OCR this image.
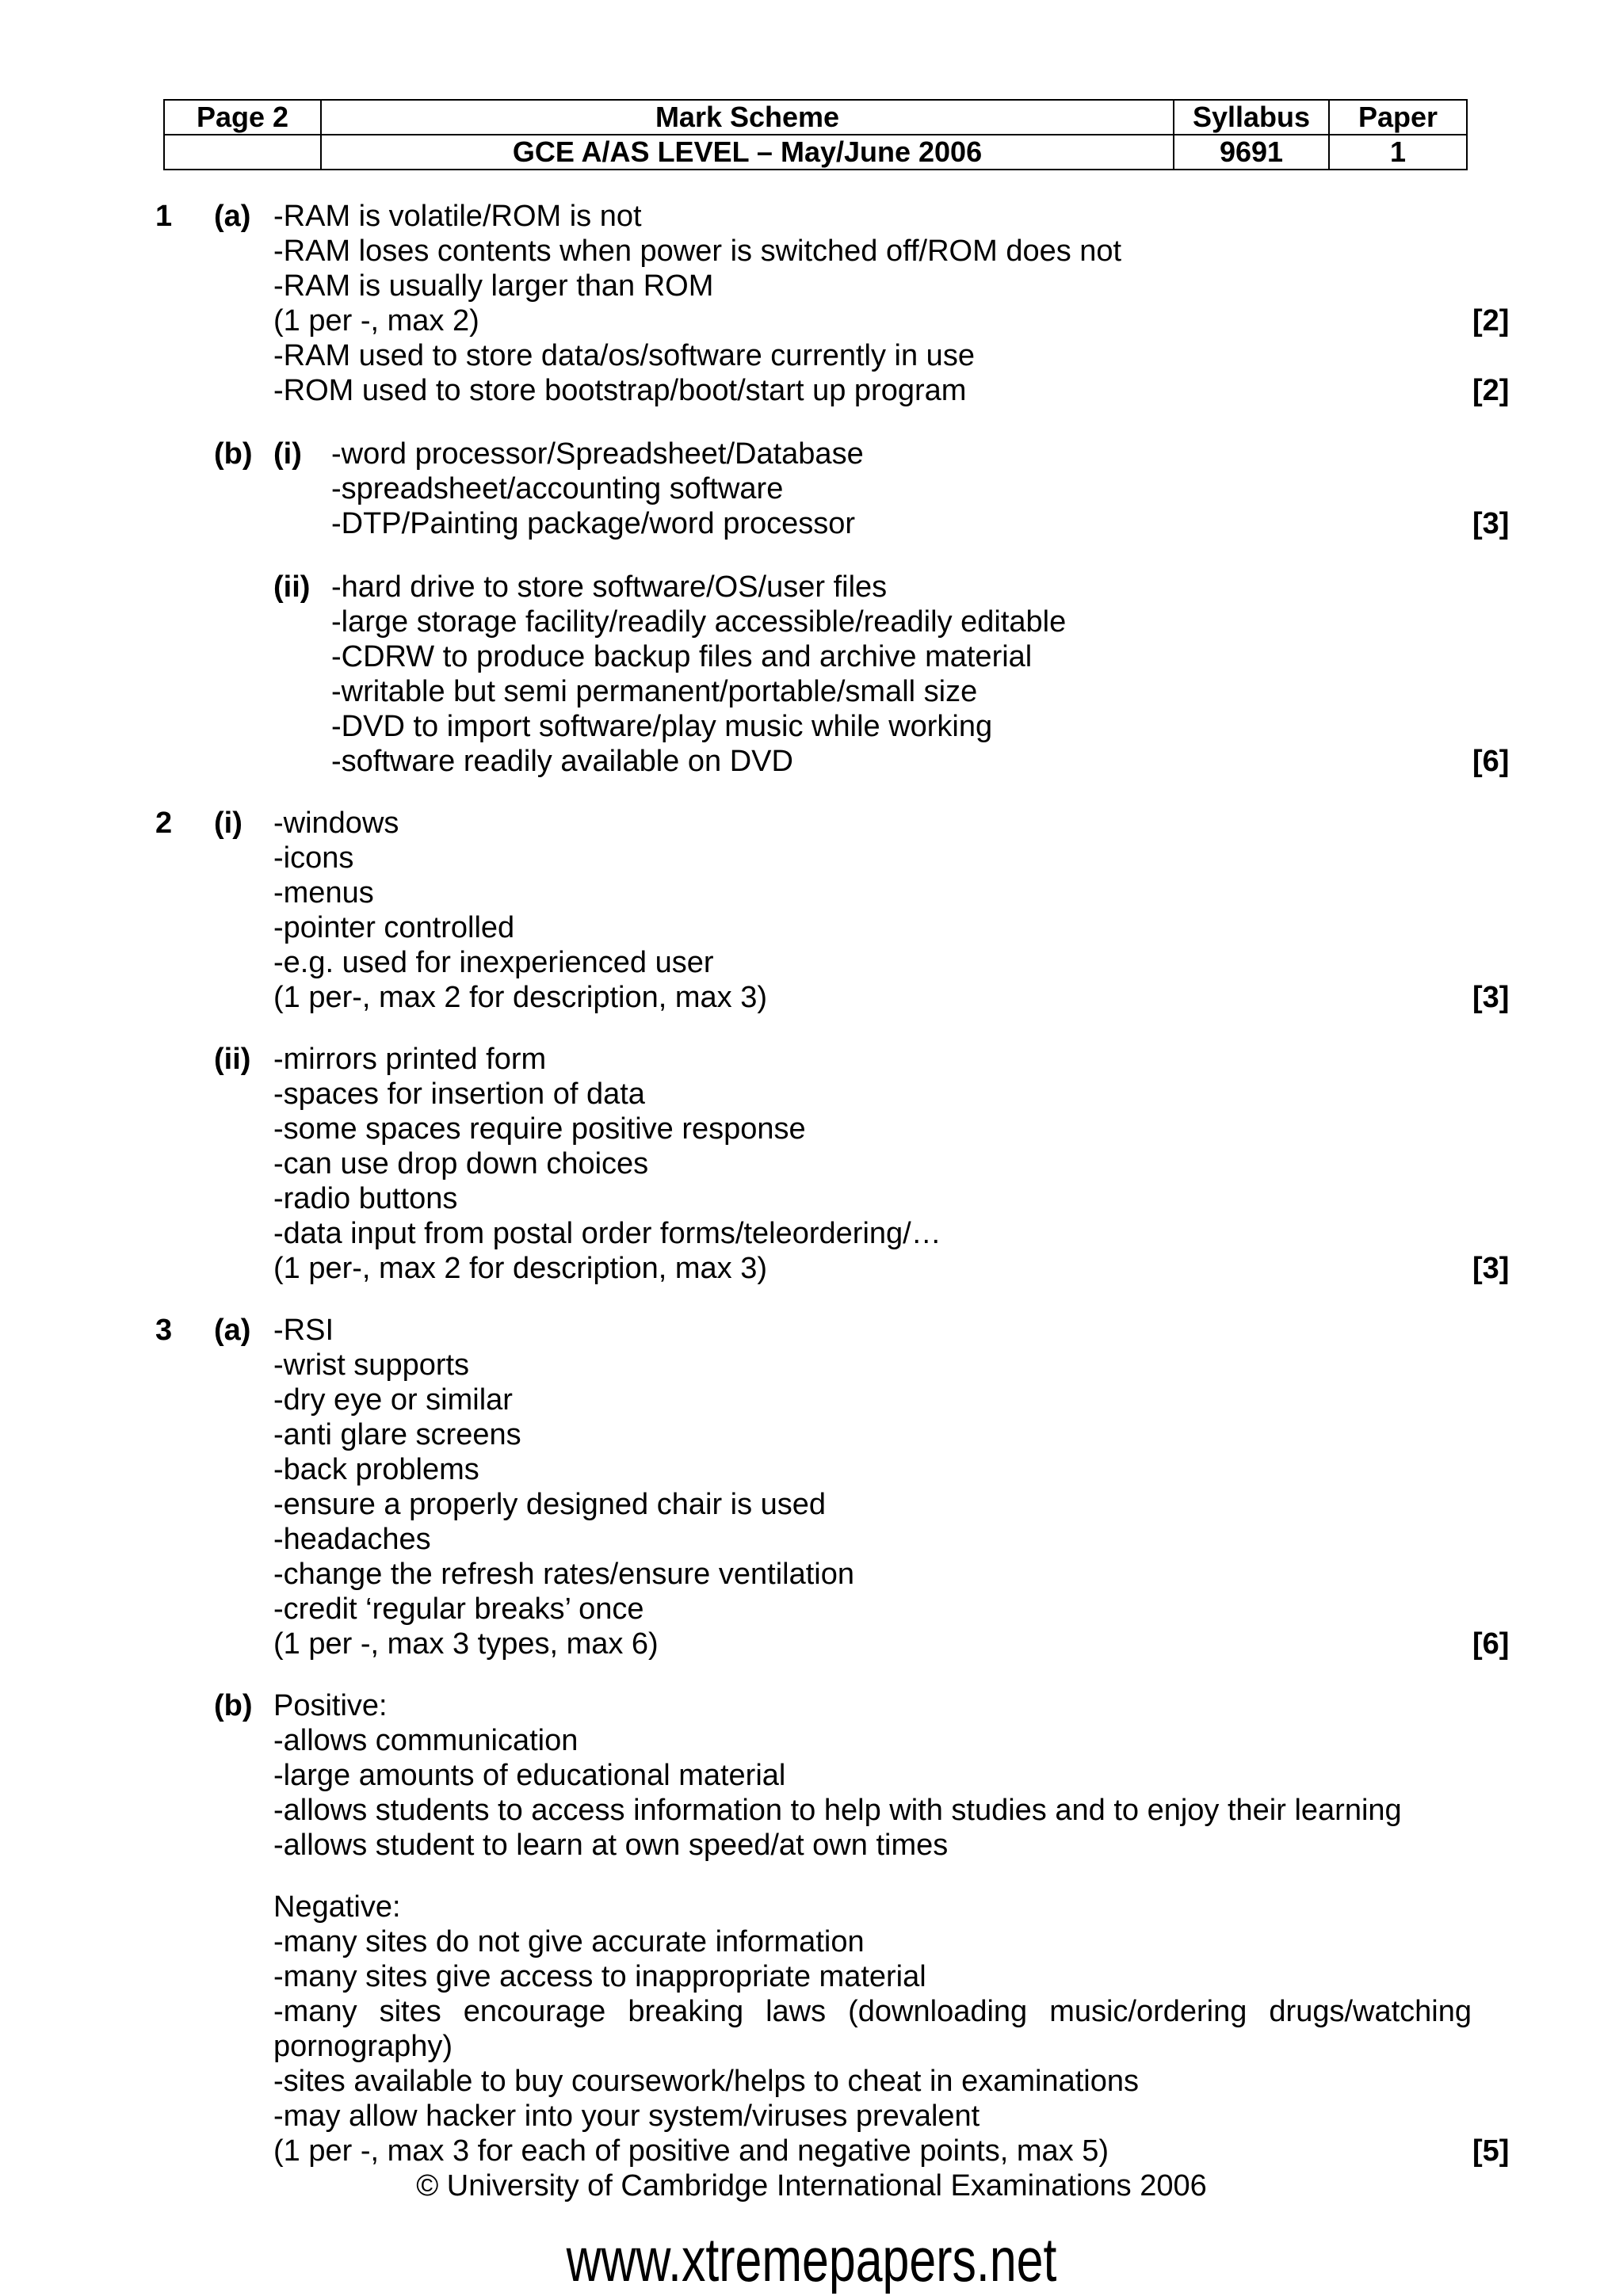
Page 2	Mark Scheme	Syllabus	Paper
	GCE A/AS LEVEL – May/June 2006	9691	1
1 (a) -RAM is volatile/ROM is not
-RAM loses contents when power is switched off/ROM does not
-RAM is usually larger than ROM
(1 per -, max 2)	[2]
-RAM used to store data/os/software currently in use
-ROM used to store bootstrap/boot/start up program	[2]
(b) (i) -word processor/Spreadsheet/Database
-spreadsheet/accounting software
-DTP/Painting package/word processor	[3]
(ii) -hard drive to store software/OS/user files
-large storage facility/readily accessible/readily editable
-CDRW to produce backup files and archive material
-writable but semi permanent/portable/small size
-DVD to import software/play music while working
-software readily available on DVD	[6]
2 (i) -windows
-icons
-menus
-pointer controlled
-e.g. used for inexperienced user
(1 per-, max 2 for description, max 3)	[3]
(ii) -mirrors printed form
-spaces for insertion of data
-some spaces require positive response
-can use drop down choices
-radio buttons
-data input from postal order forms/teleordering/…
(1 per-, max 2 for description, max 3)	[3]
3 (a) -RSI
-wrist supports
-dry eye or similar
-anti glare screens
-back problems
-ensure a properly designed chair is used
-headaches
-change the refresh rates/ensure ventilation
-credit ‘regular breaks’ once
(1 per -, max 3 types, max 6)	[6]
(b) Positive:
-allows communication
-large amounts of educational material
-allows students to access information to help with studies and to enjoy their learning
-allows student to learn at own speed/at own times
Negative:
-many sites do not give accurate information
-many sites give access to inappropriate material
-many sites encourage breaking laws (downloading music/ordering drugs/watching pornography)
-sites available to buy coursework/helps to cheat in examinations
-may allow hacker into your system/viruses prevalent
(1 per -, max 3 for each of positive and negative points, max 5)	[5]
© University of Cambridge International Examinations 2006
www.xtremepapers.net
